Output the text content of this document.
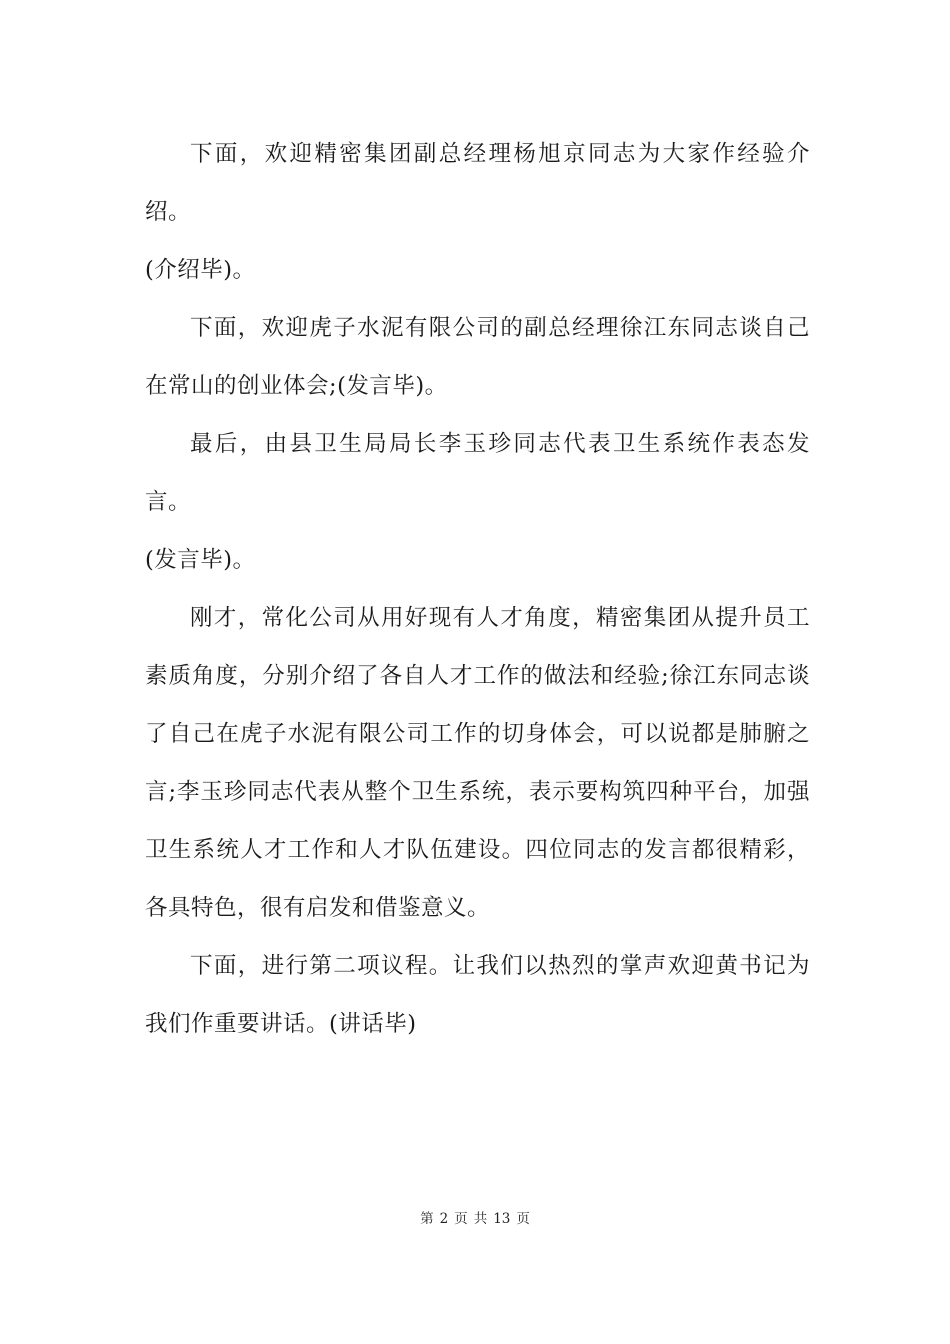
下面，欢迎精密集团副总经理杨旭京同志为大家作经验介绍。

(介绍毕)。

下面，欢迎虎子水泥有限公司的副总经理徐江东同志谈自己在常山的创业体会;(发言毕)。

最后，由县卫生局局长李玉珍同志代表卫生系统作表态发言。

(发言毕)。

刚才，常化公司从用好现有人才角度，精密集团从提升员工素质角度，分别介绍了各自人才工作的做法和经验;徐江东同志谈了自己在虎子水泥有限公司工作的切身体会，可以说都是肺腑之言;李玉珍同志代表从整个卫生系统，表示要构筑四种平台，加强卫生系统人才工作和人才队伍建设。四位同志的发言都很精彩，各具特色，很有启发和借鉴意义。

下面，进行第二项议程。让我们以热烈的掌声欢迎黄书记为我们作重要讲话。(讲话毕)

第 2 页 共 13 页
